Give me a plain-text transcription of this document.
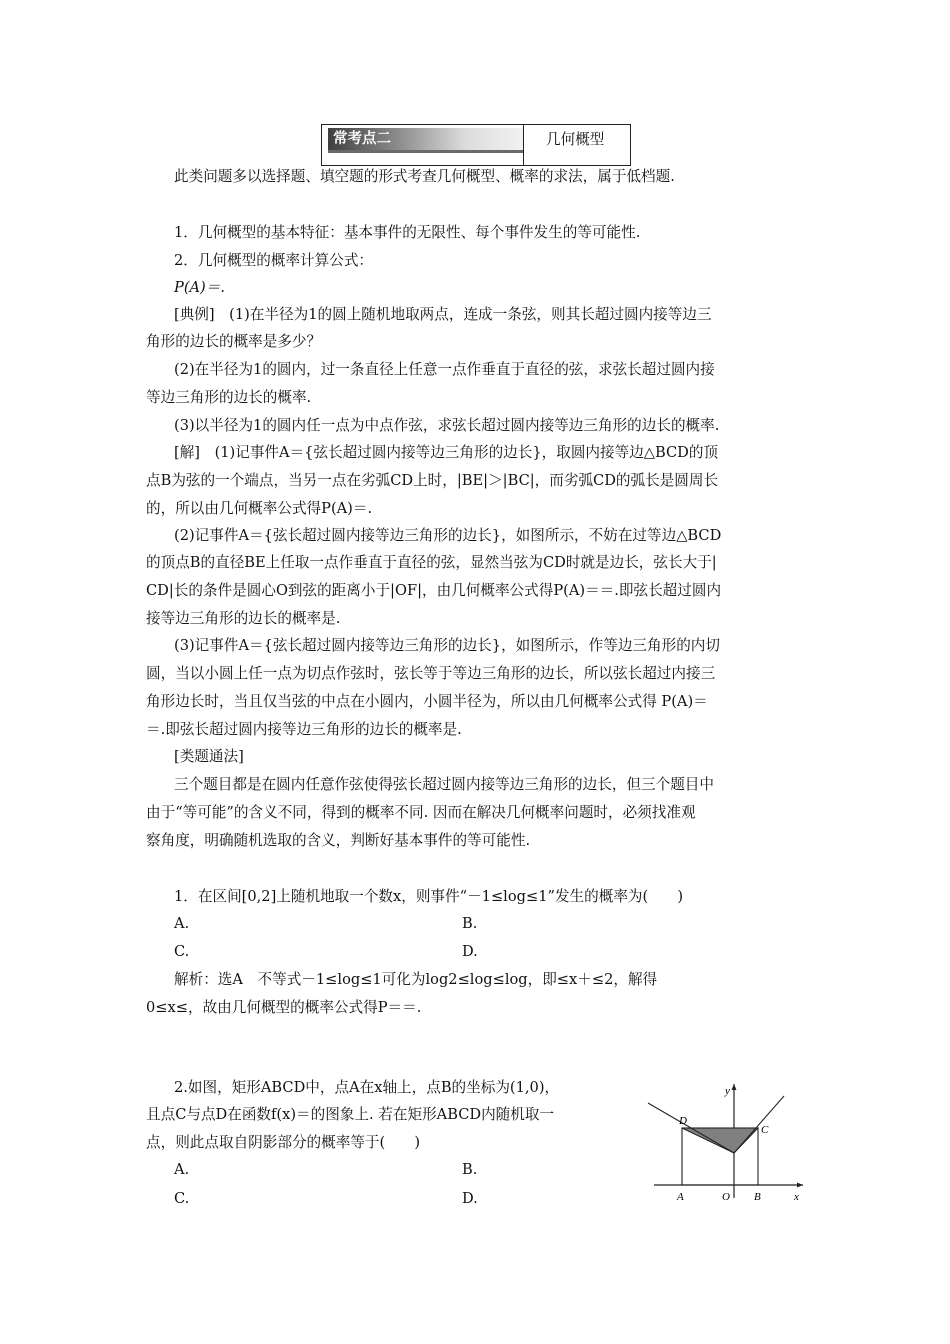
常考点二	几何概型
此类问题多以选择题、填空题的形式考查几何概型、概率的求法，属于低档题.
1．几何概型的基本特征：基本事件的无限性、每个事件发生的等可能性.
2．几何概型的概率计算公式：
P(A)＝.
[典例]　(1)在半径为1的圆上随机地取两点，连成一条弦，则其长超过圆内接等边三
角形的边长的概率是多少？
(2)在半径为1的圆内，过一条直径上任意一点作垂直于直径的弦，求弦长超过圆内接
等边三角形的边长的概率.
(3)以半径为1的圆内任一点为中点作弦，求弦长超过圆内接等边三角形的边长的概率.
[解]　(1)记事件A＝{弦长超过圆内接等边三角形的边长}，取圆内接等边△BCD的顶
点B为弦的一个端点，当另一点在劣弧CD上时，|BE|＞|BC|，而劣弧CD的弧长是圆周长
的，所以由几何概率公式得P(A)＝.
(2)记事件A＝{弦长超过圆内接等边三角形的边长}，如图所示，不妨在过等边△BCD
的顶点B的直径BE上任取一点作垂直于直径的弦，显然当弦为CD时就是边长，弦长大于|
CD|长的条件是圆心O到弦的距离小于|OF|，由几何概率公式得P(A)＝＝.即弦长超过圆内
接等边三角形的边长的概率是.
(3)记事件A＝{弦长超过圆内接等边三角形的边长}，如图所示，作等边三角形的内切
圆，当以小圆上任一点为切点作弦时，弦长等于等边三角形的边长，所以弦长超过内接三
角形边长时，当且仅当弦的中点在小圆内，小圆半径为，所以由几何概率公式得 P(A)＝
＝.即弦长超过圆内接等边三角形的边长的概率是.
[类题通法]
三个题目都是在圆内任意作弦使得弦长超过圆内接等边三角形的边长，但三个题目中
由于“等可能”的含义不同，得到的概率不同. 因而在解决几何概率问题时，必须找准观
察角度，明确随机选取的含义，判断好基本事件的等可能性.
1．在区间[0,2]上随机地取一个数x，则事件“－1≤log≤1”发生的概率为(　　)
A.	B.
C.	D.
解析：选A　不等式－1≤log≤1可化为log2≤log≤log，即≤x＋≤2，解得
0≤x≤，故由几何概型的概率公式得P＝＝.
2.如图，矩形ABCD中，点A在x轴上，点B的坐标为(1,0)，
且点C与点D在函数f(x)＝的图象上. 若在矩形ABCD内随机取一
点，则此点取自阴影部分的概率等于(　　)
A.	B.
C.	D.
y
x
A	O B
C
D
